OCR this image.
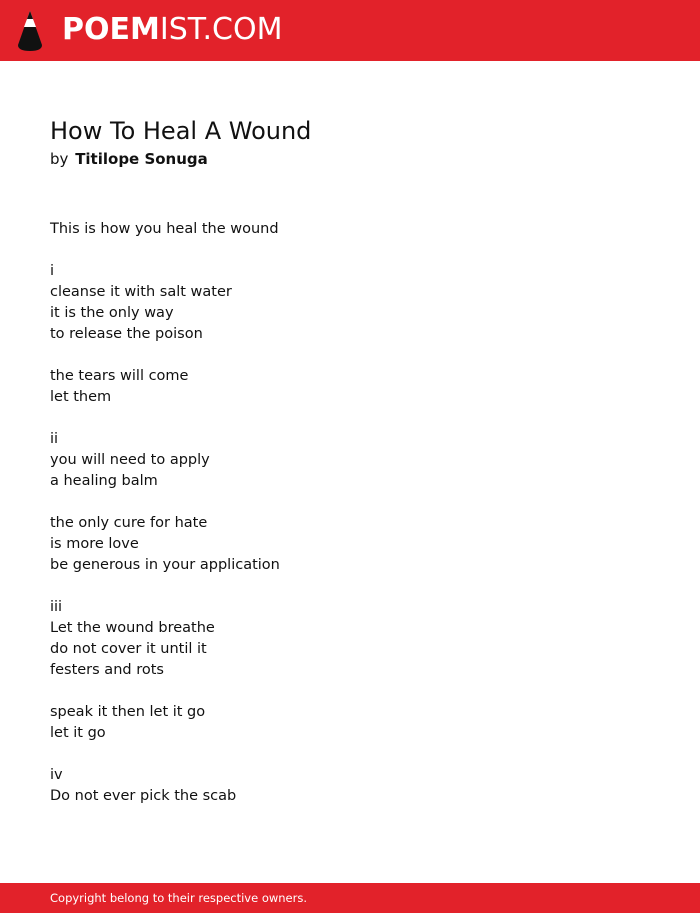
POEMIST.COM
How To Heal A Wound
by Titilope Sonuga
This is how you heal the wound
i
cleanse it with salt water
it is the only way
to release the poison
the tears will come
let them
ii
you will need to apply
a healing balm
the only cure for hate
is more love
be generous in your application
iii
Let the wound breathe
do not cover it until it
festers and rots
speak it then let it go
let it go
iv
Do not ever pick the scab
Copyright belong to their respective owners.
